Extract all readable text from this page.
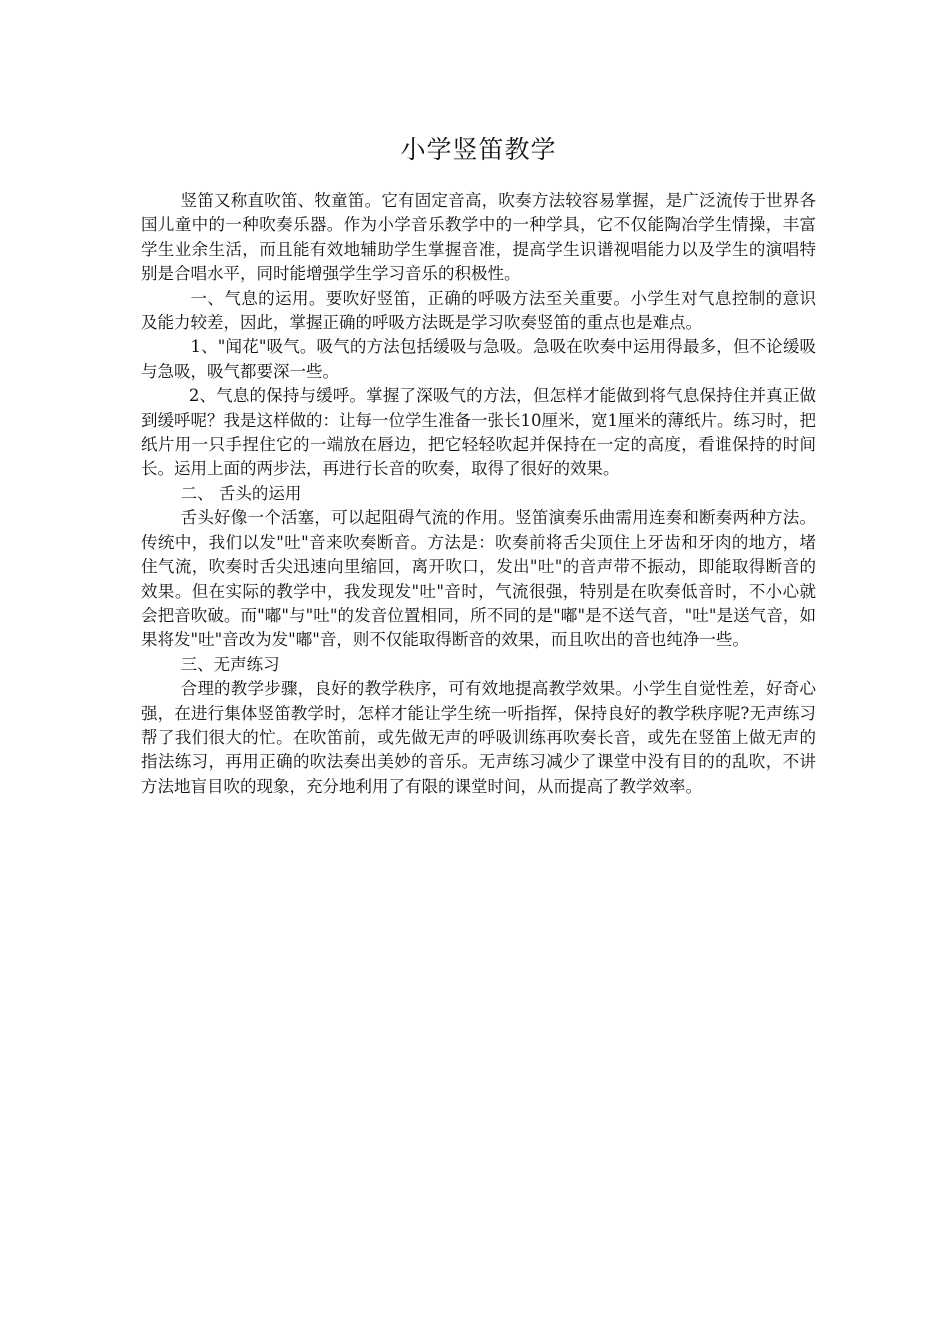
小学竖笛教学

竖笛又称直吹笛、牧童笛。它有固定音高，吹奏方法较容易掌握，是广泛流传于世界各国儿童中的一种吹奏乐器。作为小学音乐教学中的一种学具，它不仅能陶冶学生情操，丰富学生业余生活，而且能有效地辅助学生掌握音准，提高学生识谱视唱能力以及学生的演唱特别是合唱水平，同时能增强学生学习音乐的积极性。

一、气息的运用。要吹好竖笛，正确的呼吸方法至关重要。小学生对气息控制的意识及能力较差，因此，掌握正确的呼吸方法既是学习吹奏竖笛的重点也是难点。

1、"闻花"吸气。吸气的方法包括缓吸与急吸。急吸在吹奏中运用得最多，但不论缓吸与急吸，吸气都要深一些。

2、气息的保持与缓呼。掌握了深吸气的方法，但怎样才能做到将气息保持住并真正做到缓呼呢？我是这样做的：让每一位学生准备一张长10厘米，宽1厘米的薄纸片。练习时，把纸片用一只手捏住它的一端放在唇边，把它轻轻吹起并保持在一定的高度，看谁保持的时间长。运用上面的两步法，再进行长音的吹奏，取得了很好的效果。

二、 舌头的运用

舌头好像一个活塞，可以起阻碍气流的作用。竖笛演奏乐曲需用连奏和断奏两种方法。传统中，我们以发"吐"音来吹奏断音。方法是：吹奏前将舌尖顶住上牙齿和牙肉的地方，堵住气流，吹奏时舌尖迅速向里缩回，离开吹口，发出"吐"的音声带不振动，即能取得断音的效果。但在实际的教学中，我发现发"吐"音时，气流很强，特别是在吹奏低音时，不小心就会把音吹破。而"嘟"与"吐"的发音位置相同，所不同的是"嘟"是不送气音，"吐"是送气音，如果将发"吐"音改为发"嘟"音，则不仅能取得断音的效果，而且吹出的音也纯净一些。

三、无声练习

合理的教学步骤，良好的教学秩序，可有效地提高教学效果。小学生自觉性差，好奇心强，在进行集体竖笛教学时，怎样才能让学生统一听指挥，保持良好的教学秩序呢?无声练习帮了我们很大的忙。在吹笛前，或先做无声的呼吸训练再吹奏长音，或先在竖笛上做无声的指法练习，再用正确的吹法奏出美妙的音乐。无声练习减少了课堂中没有目的的乱吹，不讲方法地盲目吹的现象，充分地利用了有限的课堂时间，从而提高了教学效率。
